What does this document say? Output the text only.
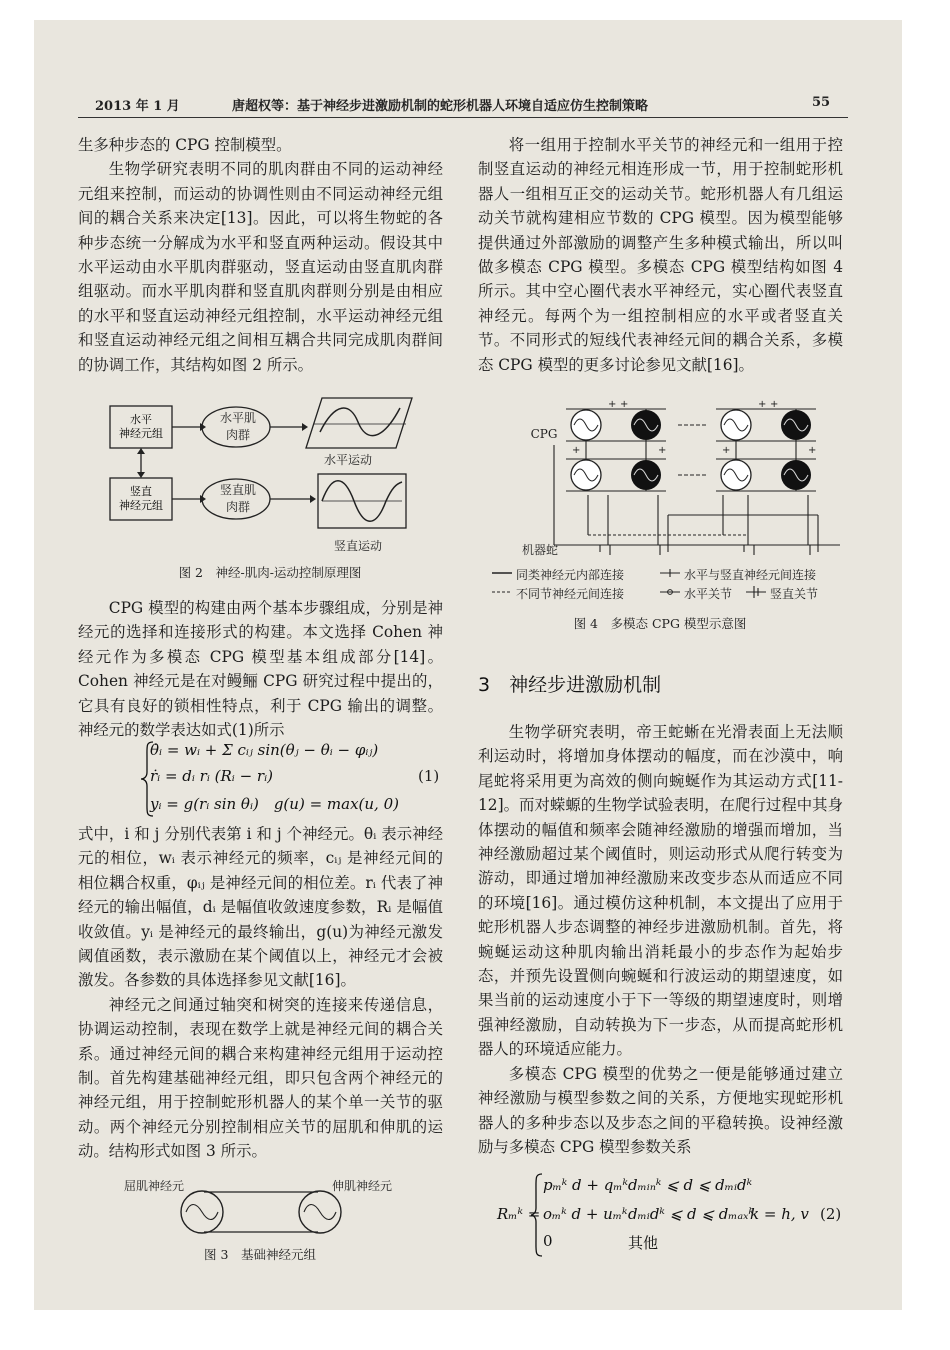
2013 年 1 月	唐超权等：基于神经步进激励机制的蛇形机器人环境自适应仿生控制策略	55

生多种步态的 CPG 控制模型。

生物学研究表明不同的肌肉群由不同的运动神经元组来控制，而运动的协调性则由不同运动神经元组间的耦合关系来决定[13]。因此，可以将生物蛇的各种步态统一分解成为水平和竖直两种运动。假设其中水平运动由水平肌肉群驱动，竖直运动由竖直肌肉群组驱动。而水平肌肉群和竖直肌肉群则分别是由相应的水平和竖直运动神经元组控制，水平运动神经元组和竖直运动神经元组之间相互耦合共同完成肌肉群间的协调工作，其结构如图 2 所示。

水平
神经元组
竖直
神经元组
水平肌肉群
竖直肌肉群
水平运动
竖直运动
图 2　神经-肌肉-运动控制原理图

CPG 模型的构建由两个基本步骤组成，分别是神经元的选择和连接形式的构建。本文选择 Cohen 神经元作为多模态 CPG 模型基本组成部分[14]。Cohen 神经元是在对鳗鲡 CPG 研究过程中提出的，它具有良好的锁相性特点，利于 CPG 输出的调整。神经元的数学表达如式(1)所示

θ̇ᵢ = wᵢ + Σ cᵢⱼ sin(θⱼ − θᵢ − φᵢⱼ)
ṙᵢ = dᵢ rᵢ (Rᵢ − rᵢ)
yᵢ = g(rᵢ sin θᵢ)　g(u) = max(u, 0)
(1)

式中，i 和 j 分别代表第 i 和 j 个神经元。θᵢ 表示神经元的相位，wᵢ 表示神经元的频率，cᵢⱼ 是神经元间的相位耦合权重，φᵢⱼ 是神经元间的相位差。rᵢ 代表了神经元的输出幅值，dᵢ 是幅值收敛速度参数，Rᵢ 是幅值收敛值。yᵢ 是神经元的最终输出，g(u)为神经元激发阈值函数，表示激励在某个阈值以上，神经元才会被激发。各参数的具体选择参见文献[16]。

神经元之间通过轴突和树突的连接来传递信息，协调运动控制，表现在数学上就是神经元间的耦合关系。通过神经元间的耦合来构建神经元组用于运动控制。首先构建基础神经元组，即只包含两个神经元的神经元组，用于控制蛇形机器人的某个单一关节的驱动。两个神经元分别控制相应关节的屈肌和伸肌的运动。结构形式如图 3 所示。

屈肌神经元	伸肌神经元
图 3　基础神经元组

将一组用于控制水平关节的神经元和一组用于控制竖直运动的神经元相连形成一节，用于控制蛇形机器人一组相互正交的运动关节。蛇形机器人有几组运动关节就构建相应节数的 CPG 模型。因为模型能够提供通过外部激励的调整产生多种模式输出，所以叫做多模态 CPG 模型。多模态 CPG 模型结构如图 4 所示。其中空心圈代表水平神经元，实心圈代表竖直神经元。每两个为一组控制相应的水平或者竖直关节。不同形式的短线代表神经元间的耦合关系，多模态 CPG 模型的更多讨论参见文献[16]。

CPG
机器蛇
+ +	+ +
+	+	+	+
同类神经元内部连接	水平与竖直神经元间连接
不同节神经元间连接	水平关节	竖直关节
图 4　多模态 CPG 模型示意图
3　神经步进激励机制

生物学研究表明，帝王蛇蜥在光滑表面上无法顺利运动时，将增加身体摆动的幅度，而在沙漠中，响尾蛇将采用更为高效的侧向蜿蜒作为其运动方式[11-12]。而对蝾螈的生物学试验表明，在爬行过程中其身体摆动的幅值和频率会随神经激励的增强而增加，当神经激励超过某个阈值时，则运动形式从爬行转变为游动，即通过增加神经激励来改变步态从而适应不同的环境[16]。通过模仿这种机制，本文提出了应用于蛇形机器人步态调整的神经步进激励机制。首先，将蜿蜒运动这种肌肉输出消耗最小的步态作为起始步态，并预先设置侧向蜿蜒和行波运动的期望速度，如果当前的运动速度小于下一等级的期望速度时，则增强神经激励，自动转换为下一步态，从而提高蛇形机器人的环境适应能力。

多模态 CPG 模型的优势之一便是能够通过建立神经激励与模型参数之间的关系，方便地实现蛇形机器人的多种步态以及步态之间的平稳转换。设神经激励与多模态 CPG 模型参数关系

Rₘᵏ =
pₘᵏ d + qₘᵏ dₘᵢₙᵏ ⩽ d ⩽ dₘᵢdᵏ
oₘᵏ d + uₘᵏ dₘᵢdᵏ ⩽ d ⩽ dₘₐₓᵏ
k = h, v (2)
0	其他
